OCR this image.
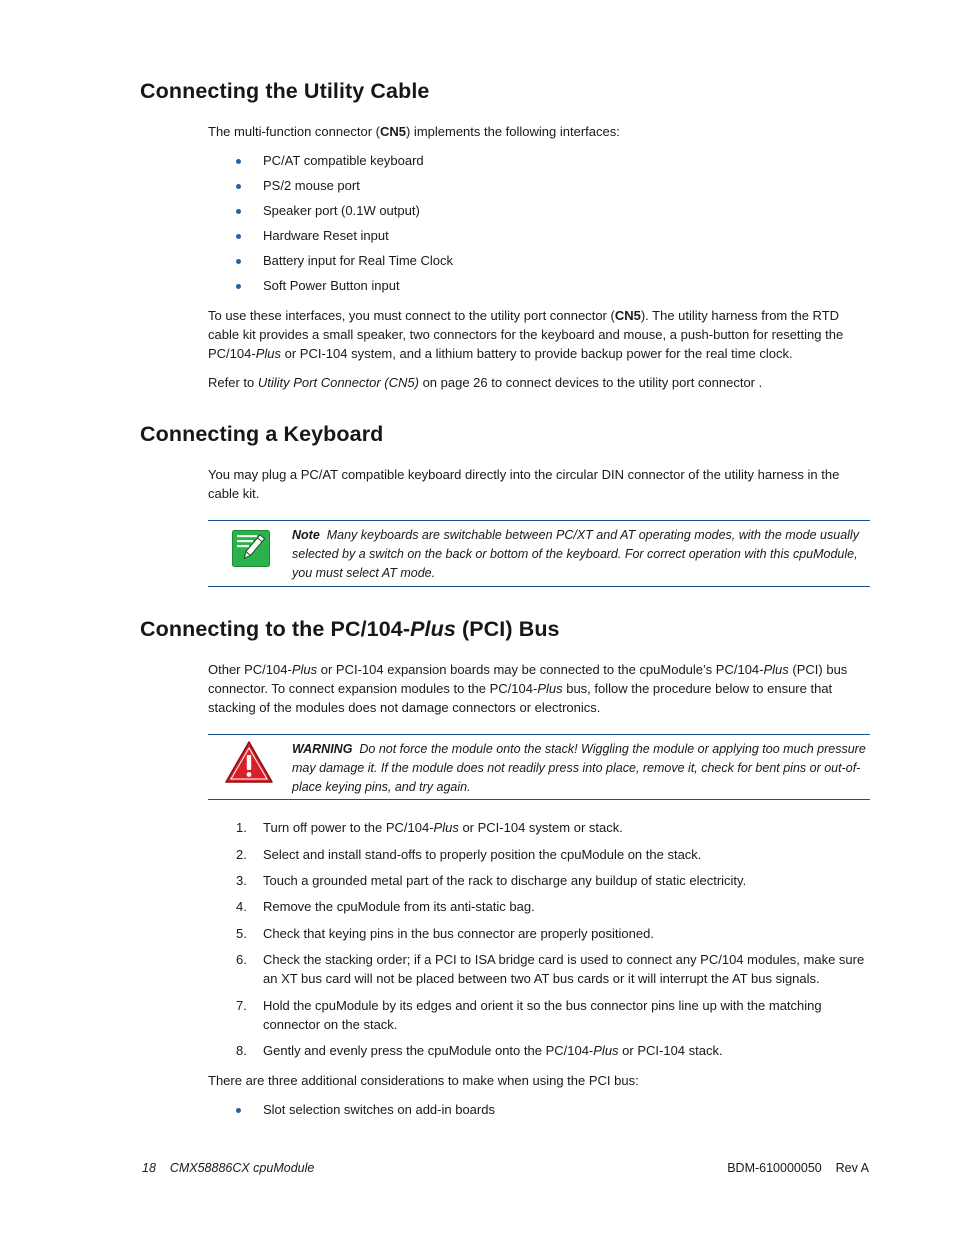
Connecting the Utility Cable

The multi-function connector (CN5) implements the following interfaces:

PC/AT compatible keyboard
PS/2 mouse port
Speaker port (0.1W output)
Hardware Reset input
Battery input for Real Time Clock
Soft Power Button input

To use these interfaces, you must connect to the utility port connector (CN5). The utility harness from the RTD cable kit provides a small speaker, two connectors for the keyboard and mouse, a push-button for resetting the PC/104-Plus or PCI-104 system, and a lithium battery to provide backup power for the real time clock.

Refer to Utility Port Connector (CN5) on page 26 to connect devices to the utility port connector .

Connecting a Keyboard

You may plug a PC/AT compatible keyboard directly into the circular DIN connector of the utility harness in the cable kit.

Note Many keyboards are switchable between PC/XT and AT operating modes, with the mode usually selected by a switch on the back or bottom of the keyboard. For correct operation with this cpuModule, you must select AT mode.
Connecting to the PC/104-Plus (PCI) Bus

Other PC/104-Plus or PCI-104 expansion boards may be connected to the cpuModule’s PC/104-Plus (PCI) bus connector. To connect expansion modules to the PC/104-Plus bus, follow the procedure below to ensure that stacking of the modules does not damage connectors or electronics.

WARNING Do not force the module onto the stack! Wiggling the module or applying too much pressure may damage it. If the module does not readily press into place, remove it, check for bent pins or out-of-place keying pins, and try again.
1. Turn off power to the PC/104-Plus or PCI-104 system or stack.
2. Select and install stand-offs to properly position the cpuModule on the stack.
3. Touch a grounded metal part of the rack to discharge any buildup of static electricity.
4. Remove the cpuModule from its anti-static bag.
5. Check that keying pins in the bus connector are properly positioned.
6. Check the stacking order; if a PCI to ISA bridge card is used to connect any PC/104 modules, make sure an XT bus card will not be placed between two AT bus cards or it will interrupt the AT bus signals.
7. Hold the cpuModule by its edges and orient it so the bus connector pins line up with the matching connector on the stack.
8. Gently and evenly press the cpuModule onto the PC/104-Plus or PCI-104 stack.

There are three additional considerations to make when using the PCI bus:

Slot selection switches on add-in boards
18 CMX58886CX cpuModule	BDM-610000050 Rev A
